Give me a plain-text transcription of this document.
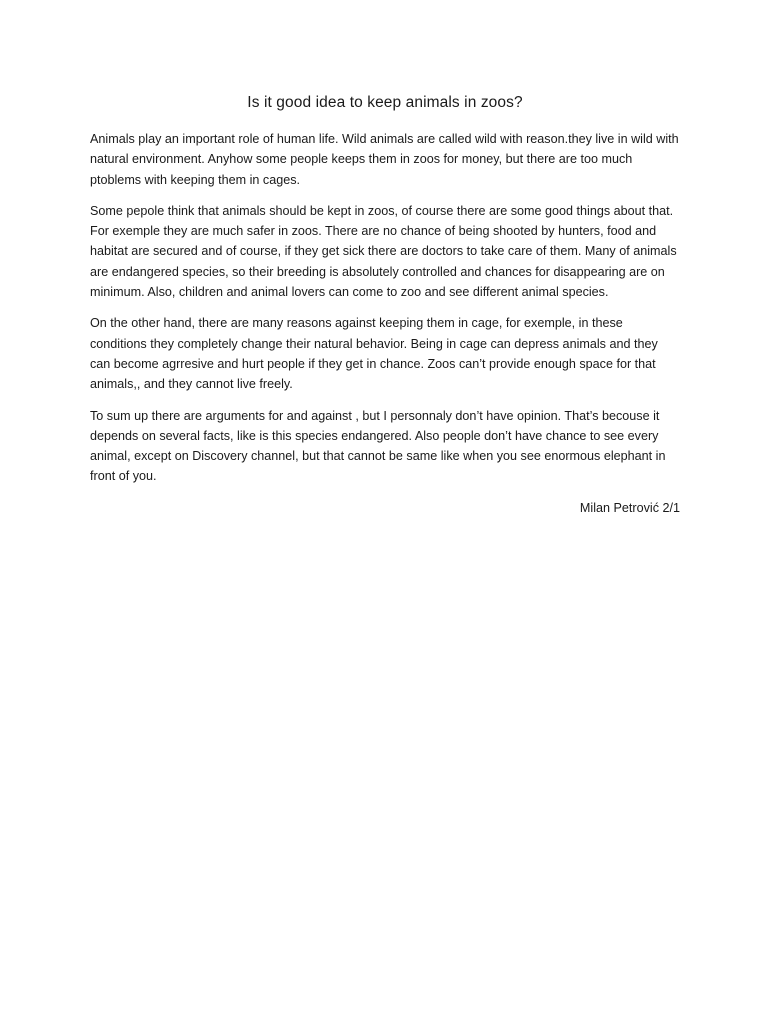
Is it good idea to keep animals in zoos?

Animals play an important role of human life. Wild animals are called wild with reason.they live in wild with natural environment. Anyhow some people keeps them in zoos for money, but there are too much ptoblems with keeping them in cages.

Some pepole think that animals should be kept in zoos, of course there are some good things about that. For exemple they are much safer in zoos. There are no chance of being shooted by hunters, food and habitat are secured and of course, if they get sick there are doctors to take care of them. Many of animals are endangered species, so their breeding is absolutely controlled and chances for disappearing are on minimum. Also, children and animal lovers can come to zoo and see different animal species.

On the other hand, there are many reasons against keeping them in cage, for exemple, in these conditions they completely change their natural behavior. Being in cage can depress animals and they can become agrresive and hurt people if they get in chance. Zoos can’t provide enough space for that animals,, and they cannot live freely.

To sum up there are arguments for and against , but I personnaly don’t have opinion. That’s becouse it depends on several facts, like is this species endangered. Also people don’t have chance to see every animal, except on Discovery channel, but that cannot be same like when you see enormous elephant in front of you.

Milan Petrović 2/1
